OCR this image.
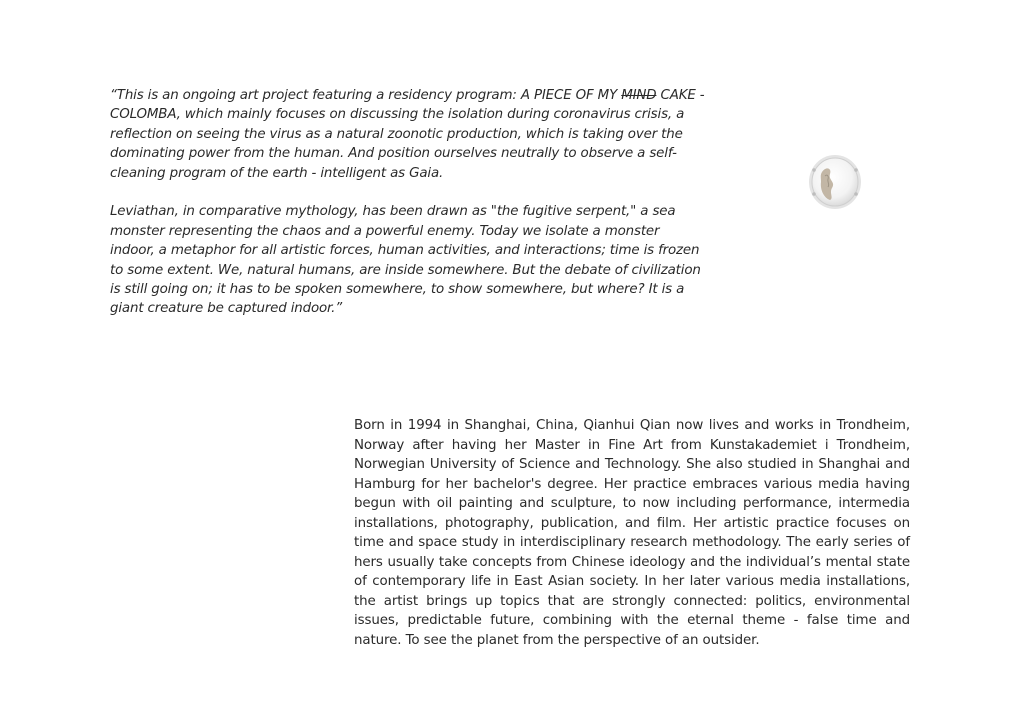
“This is an ongoing art project featuring a residency program: A PIECE OF MY MIND CAKE - COLOMBA, which mainly focuses on discussing the isolation during coronavirus crisis, a reflection on seeing the virus as a natural zoonotic production, which is taking over the dominating power from the human. And position ourselves neutrally to observe a self-cleaning program of the earth - intelligent as Gaia.

Leviathan, in comparative mythology, has been drawn as "the fugitive serpent," a sea monster representing the chaos and a powerful enemy. Today we isolate a monster indoor, a metaphor for all artistic forces, human activities, and interactions; time is frozen to some extent. We, natural humans, are inside somewhere. But the debate of civilization is still going on; it has to be spoken somewhere, to show somewhere, but where? It is a giant creature be captured indoor.”

Born in 1994 in Shanghai, China, Qianhui Qian now lives and works in Trondheim, Norway after having her Master in Fine Art from Kunstakademiet i Trondheim, Norwegian University of Science and Technology. She also studied in Shanghai and Hamburg for her bachelor's degree. Her practice embraces various media having begun with oil painting and sculpture, to now including performance, intermedia installations, photography, publication, and film. Her artistic practice focuses on time and space study in interdisciplinary research methodology. The early series of hers usually take concepts from Chinese ideology and the individual’s mental state of contemporary life in East Asian society. In her later various media installations, the artist brings up topics that are strongly connected: politics, environmental issues, predictable future, combining with the eternal theme - false time and nature. To see the planet from the perspective of an outsider.
